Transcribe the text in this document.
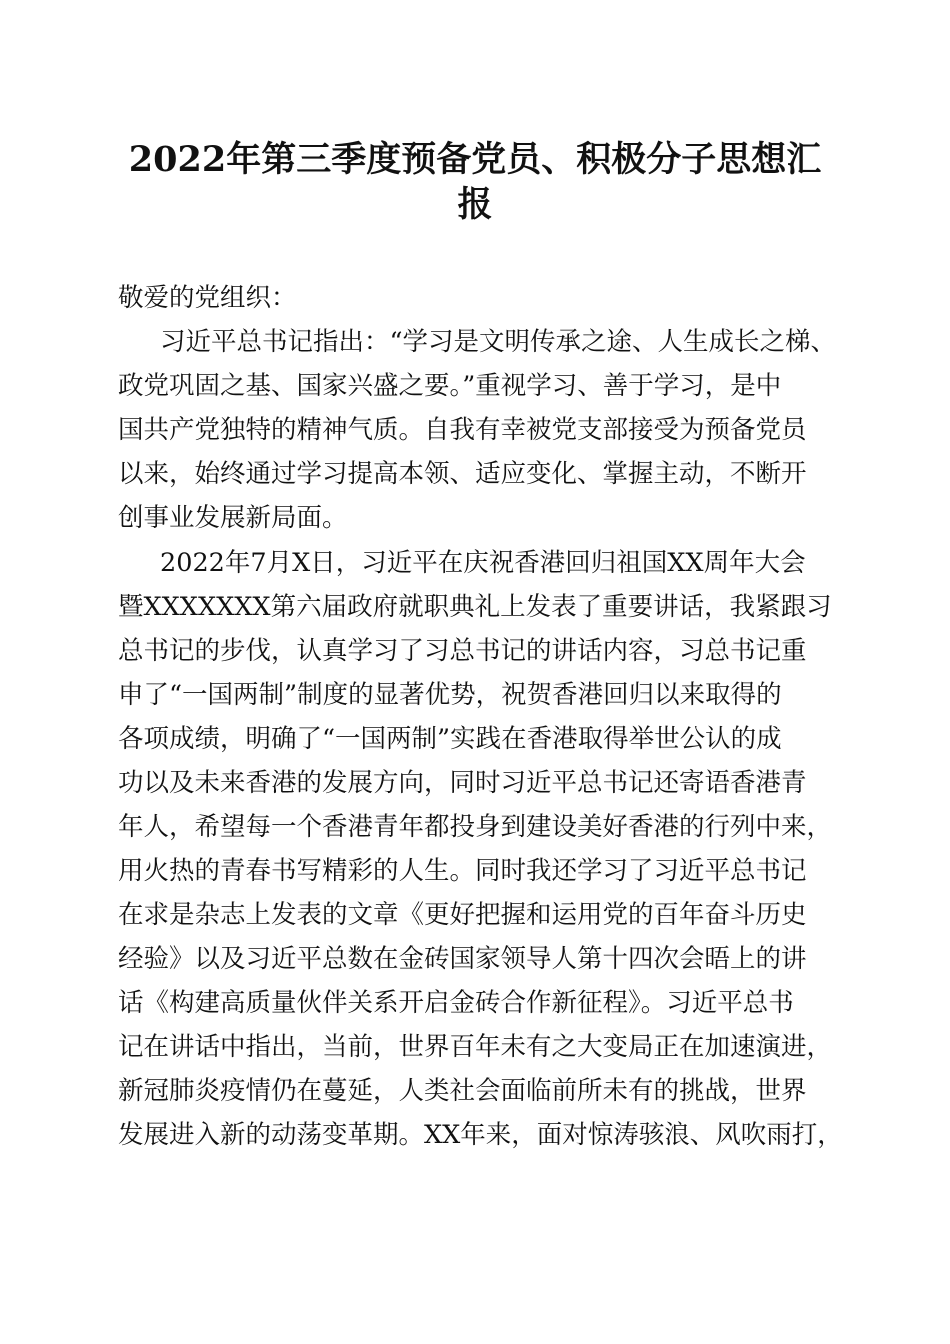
2022年第三季度预备党员、积极分子思想汇
报
敬爱的党组织：
习近平总书记指出：“学习是文明传承之途、人生成长之梯、
政党巩固之基、国家兴盛之要。”重视学习、善于学习，是中
国共产党独特的精神气质。自我有幸被党支部接受为预备党员
以来，始终通过学习提高本领、适应变化、掌握主动，不断开
创事业发展新局面。
2022年7月X日，习近平在庆祝香港回归祖国XX周年大会
暨XXXXXXX第六届政府就职典礼上发表了重要讲话，我紧跟习
总书记的步伐，认真学习了习总书记的讲话内容，习总书记重
申了“一国两制”制度的显著优势，祝贺香港回归以来取得的
各项成绩，明确了“一国两制”实践在香港取得举世公认的成
功以及未来香港的发展方向，同时习近平总书记还寄语香港青
年人，希望每一个香港青年都投身到建设美好香港的行列中来，
用火热的青春书写精彩的人生。同时我还学习了习近平总书记
在求是杂志上发表的文章《更好把握和运用党的百年奋斗历史
经验》以及习近平总数在金砖国家领导人第十四次会晤上的讲
话《构建高质量伙伴关系开启金砖合作新征程》。习近平总书
记在讲话中指出，当前，世界百年未有之大变局正在加速演进，
新冠肺炎疫情仍在蔓延，人类社会面临前所未有的挑战，世界
发展进入新的动荡变革期。XX年来，面对惊涛骇浪、风吹雨打，
